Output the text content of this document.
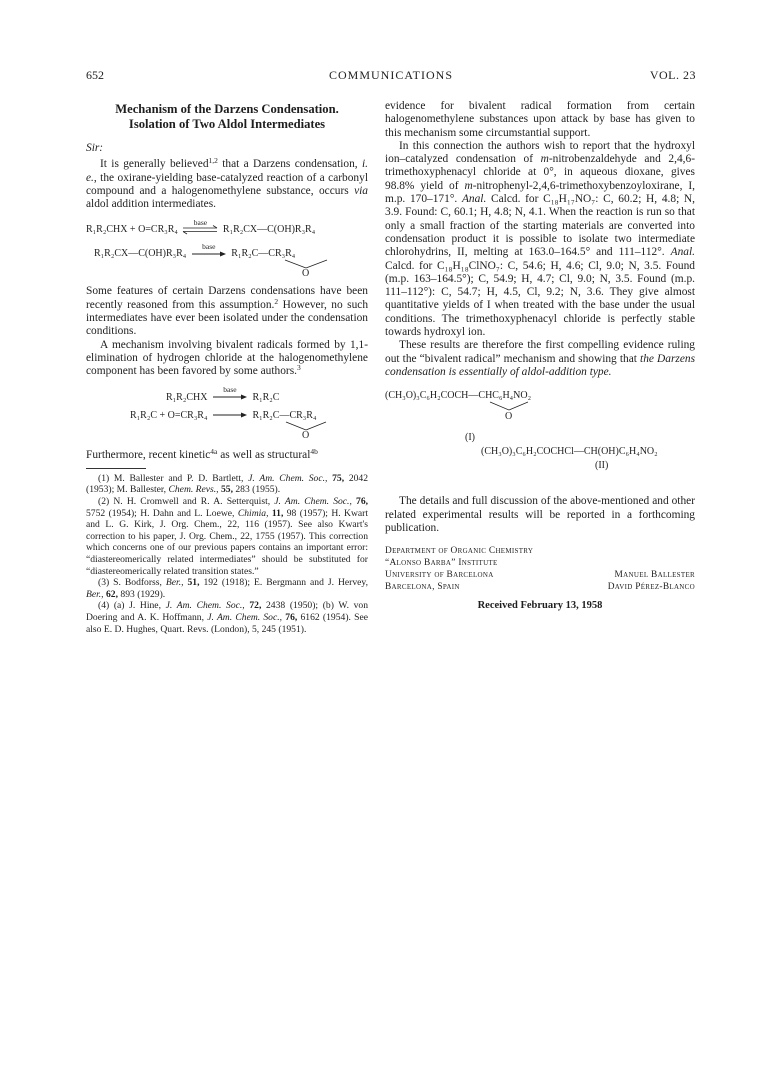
652	COMMUNICATIONS	VOL. 23
Mechanism of the Darzens Condensation.
Isolation of Two Aldol Intermediates
Sir:

It is generally believed$^{1,2}$ that a Darzens condensation, i. e., the oxirane-yielding base-catalyzed reaction of a carbonyl compound and a halogenomethylene substance, occurs via aldol addition intermediates.

R₁R₂CHX + O=CR₃R₄
base
R₁R₂CX—C(OH)R₃R₄
R₁R₂CX—C(OH)R₃R₄
base
R₁R₂C—CR₃R₄
O

Some features of certain Darzens condensations have been recently reasoned from this assumption.$^2$ However, no such intermediates have ever been isolated under the condensation conditions.

A mechanism involving bivalent radicals formed by 1,1-elimination of hydrogen chloride at the halogenomethylene component has been favored by some authors.$^3$

R₁R₂CHX
base
R₁R₂C
R₁R₂C + O=CR₃R₄	R₁R₂C—CR₃R₄
O

Furthermore, recent kinetic$^{4a}$ as well as structural$^{4b}$

(1) M. Ballester and P. D. Bartlett, J. Am. Chem. Soc., 75, 2042 (1953); M. Ballester, Chem. Revs., 55, 283 (1955).

(2) N. H. Cromwell and R. A. Setterquist, J. Am. Chem. Soc., 76, 5752 (1954); H. Dahn and L. Loewe, Chimia, 11, 98 (1957); H. Kwart and L. G. Kirk, J. Org. Chem., 22, 116 (1957). See also Kwart's correction to his paper, J. Org. Chem., 22, 1755 (1957). This correction which concerns one of our previous papers contains an important error: “diastereomerically related intermediates” should be substituted for “diastereomerically related transition states.”

(3) S. Bodforss, Ber., 51, 192 (1918); E. Bergmann and J. Hervey, Ber., 62, 893 (1929).

(4) (a) J. Hine, J. Am. Chem. Soc., 72, 2438 (1950); (b) W. von Doering and A. K. Hoffmann, J. Am. Chem. Soc., 76, 6162 (1954). See also E. D. Hughes, Quart. Revs. (London), 5, 245 (1951).

evidence for bivalent radical formation from certain halogenomethylene substances upon attack by base has given to this mechanism some circumstantial support.

In this connection the authors wish to report that the hydroxyl ion–catalyzed condensation of m-nitrobenzaldehyde and 2,4,6-trimethoxyphenacyl chloride at 0°, in aqueous dioxane, gives 98.8% yield of m-nitrophenyl-2,4,6-trimethoxybenzoyloxirane, I, m.p. 170–171°. Anal. Calcd. for C₁₈H₁₇NO₇: C, 60.2; H, 4.8; N, 3.9. Found: C, 60.1; H, 4.8; N, 4.1. When the reaction is run so that only a small fraction of the starting materials are converted into condensation product it is possible to isolate two intermediate chlorohydrins, II, melting at 163.0–164.5° and 111–112°. Anal. Calcd. for C₁₈H₁₈ClNO₇: C, 54.6; H, 4.6; Cl, 9.0; N, 3.5. Found (m.p. 163–164.5°); C, 54.9; H, 4.7; Cl, 9.0; N, 3.5. Found (m.p. 111–112°): C, 54.7; H, 4.5, Cl, 9.2; N, 3.6. They give almost quantitative yields of I when treated with the base under the usual conditions. The trimethoxyphenacyl chloride is perfectly stable towards hydroxyl ion.

These results are therefore the first compelling evidence ruling out the “bivalent radical” mechanism and showing that the Darzens condensation is essentially of aldol-addition type.

(CH₃O)₃C₆H₂COCH—CHC₆H₄NO₂
O
(I)
(CH₃O)₃C₆H₂COCHCl—CH(OH)C₆H₄NO₂
(II)

The details and full discussion of the above-mentioned and other related experimental results will be reported in a forthcoming publication.

Department of Organic Chemistry
“Alonso Barba” Institute
University of Barcelona	Manuel Ballester
Barcelona, Spain	David Pérez-Blanco
Received February 13, 1958
